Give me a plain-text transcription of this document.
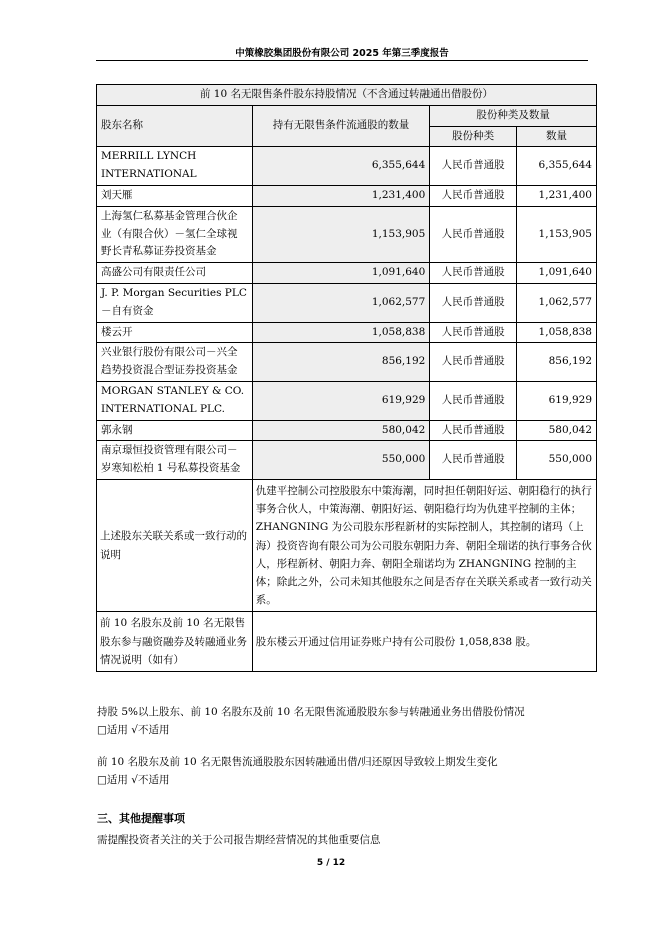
中策橡胶集团股份有限公司 2025 年第三季度报告
前 10 名无限售条件股东持股情况（不含通过转融通出借股份）			
股东名称	持有无限售条件流通股的数量	股份种类及数量	
		股份种类	数量
MERRILL LYNCH INTERNATIONAL	6,355,644	人民币普通股	6,355,644
刘天雁	1,231,400	人民币普通股	1,231,400
上海氢仁私募基金管理合伙企业（有限合伙）－氢仁全球视野长青私募证券投资基金	1,153,905	人民币普通股	1,153,905
高盛公司有限责任公司	1,091,640	人民币普通股	1,091,640
J. P. Morgan Securities PLC－自有资金	1,062,577	人民币普通股	1,062,577
楼云开	1,058,838	人民币普通股	1,058,838
兴业银行股份有限公司－兴全趋势投资混合型证券投资基金	856,192	人民币普通股	856,192
MORGAN STANLEY & CO. INTERNATIONAL PLC.	619,929	人民币普通股	619,929
郭永钢	580,042	人民币普通股	580,042
南京璟恒投资管理有限公司－岁寒知松柏 1 号私募投资基金	550,000	人民币普通股	550,000
上述股东关联关系或一致行动的说明	仇建平控制公司控股股东中策海潮，同时担任朝阳好运、朝阳稳行的执行事务合伙人，中策海潮、朝阳好运、朝阳稳行均为仇建平控制的主体；ZHANGNING 为公司股东彤程新材的实际控制人，其控制的诸玛（上海）投资咨询有限公司为公司股东朝阳力奔、朝阳全瑞诺的执行事务合伙人，彤程新材、朝阳力奔、朝阳全瑞诺均为 ZHANGNING 控制的主体；除此之外，公司未知其他股东之间是否存在关联关系或者一致行动关系。		
前 10 名股东及前 10 名无限售股东参与融资融券及转融通业务情况说明（如有）	股东楼云开通过信用证券账户持有公司股份 1,058,838 股。		
持股 5%以上股东、前 10 名股东及前 10 名无限售流通股股东参与转融通业务出借股份情况
□适用 √不适用
前 10 名股东及前 10 名无限售流通股股东因转融通出借/归还原因导致较上期发生变化
□适用 √不适用
三、其他提醒事项
需提醒投资者关注的关于公司报告期经营情况的其他重要信息
5 / 12
